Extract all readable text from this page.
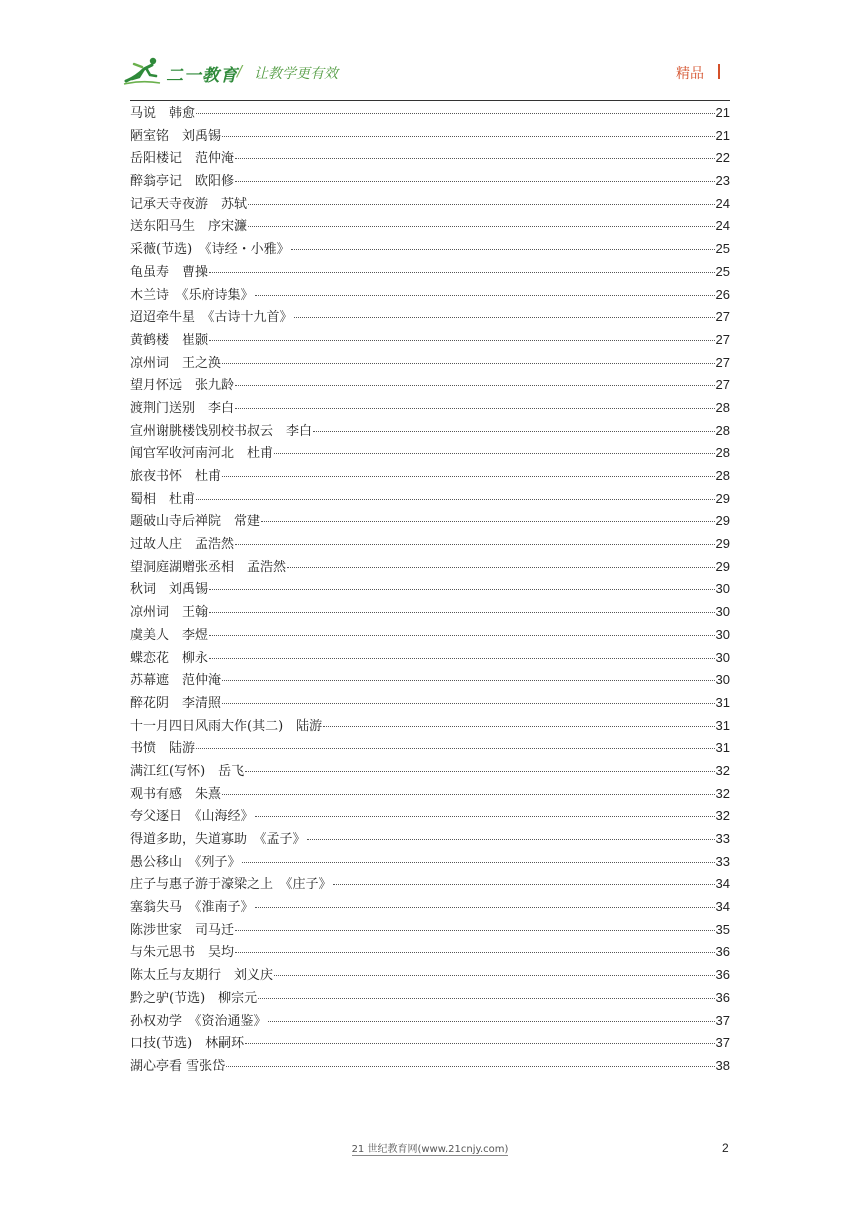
二一教育 / 让教学更有效	精品
马说　韩愈	21
陋室铭　刘禹锡	21
岳阳楼记　范仲淹	22
醉翁亭记　欧阳修	23
记承天寺夜游　苏轼	24
送东阳马生　序宋濂	24
采薇(节选)　《诗经・小雅》	25
龟虽寿　曹操	25
木兰诗　《乐府诗集》	26
迢迢牵牛星　《古诗十九首》	27
黄鹤楼　崔颢	27
凉州词　王之涣	27
望月怀远　张九龄	27
渡荆门送别　李白	28
宣州谢朓楼饯别校书叔云　李白	28
闻官军收河南河北　杜甫	28
旅夜书怀　杜甫	28
蜀相　杜甫	29
题破山寺后禅院　常建	29
过故人庄　孟浩然	29
望洞庭湖赠张丞相　孟浩然	29
秋词　刘禹锡	30
凉州词　王翰	30
虞美人　李煜	30
蝶恋花　柳永	30
苏幕遮　范仲淹	30
醉花阴　李清照	31
十一月四日风雨大作(其二)　陆游	31
书愤　陆游	31
满江红(写怀)　岳飞	32
观书有感　朱熹	32
夸父逐日　《山海经》	32
得道多助，失道寡助　《孟子》	33
愚公移山　《列子》	33
庄子与惠子游于濠梁之上　《庄子》	34
塞翁失马　《淮南子》	34
陈涉世家　司马迁	35
与朱元思书　吴均	36
陈太丘与友期行　刘义庆	36
黔之驴(节选)　柳宗元	36
孙权劝学　《资治通鉴》	37
口技(节选)　林嗣环	37
湖心亭看 雪张岱	38
21 世纪教育网(www.21cnjy.com)	2
